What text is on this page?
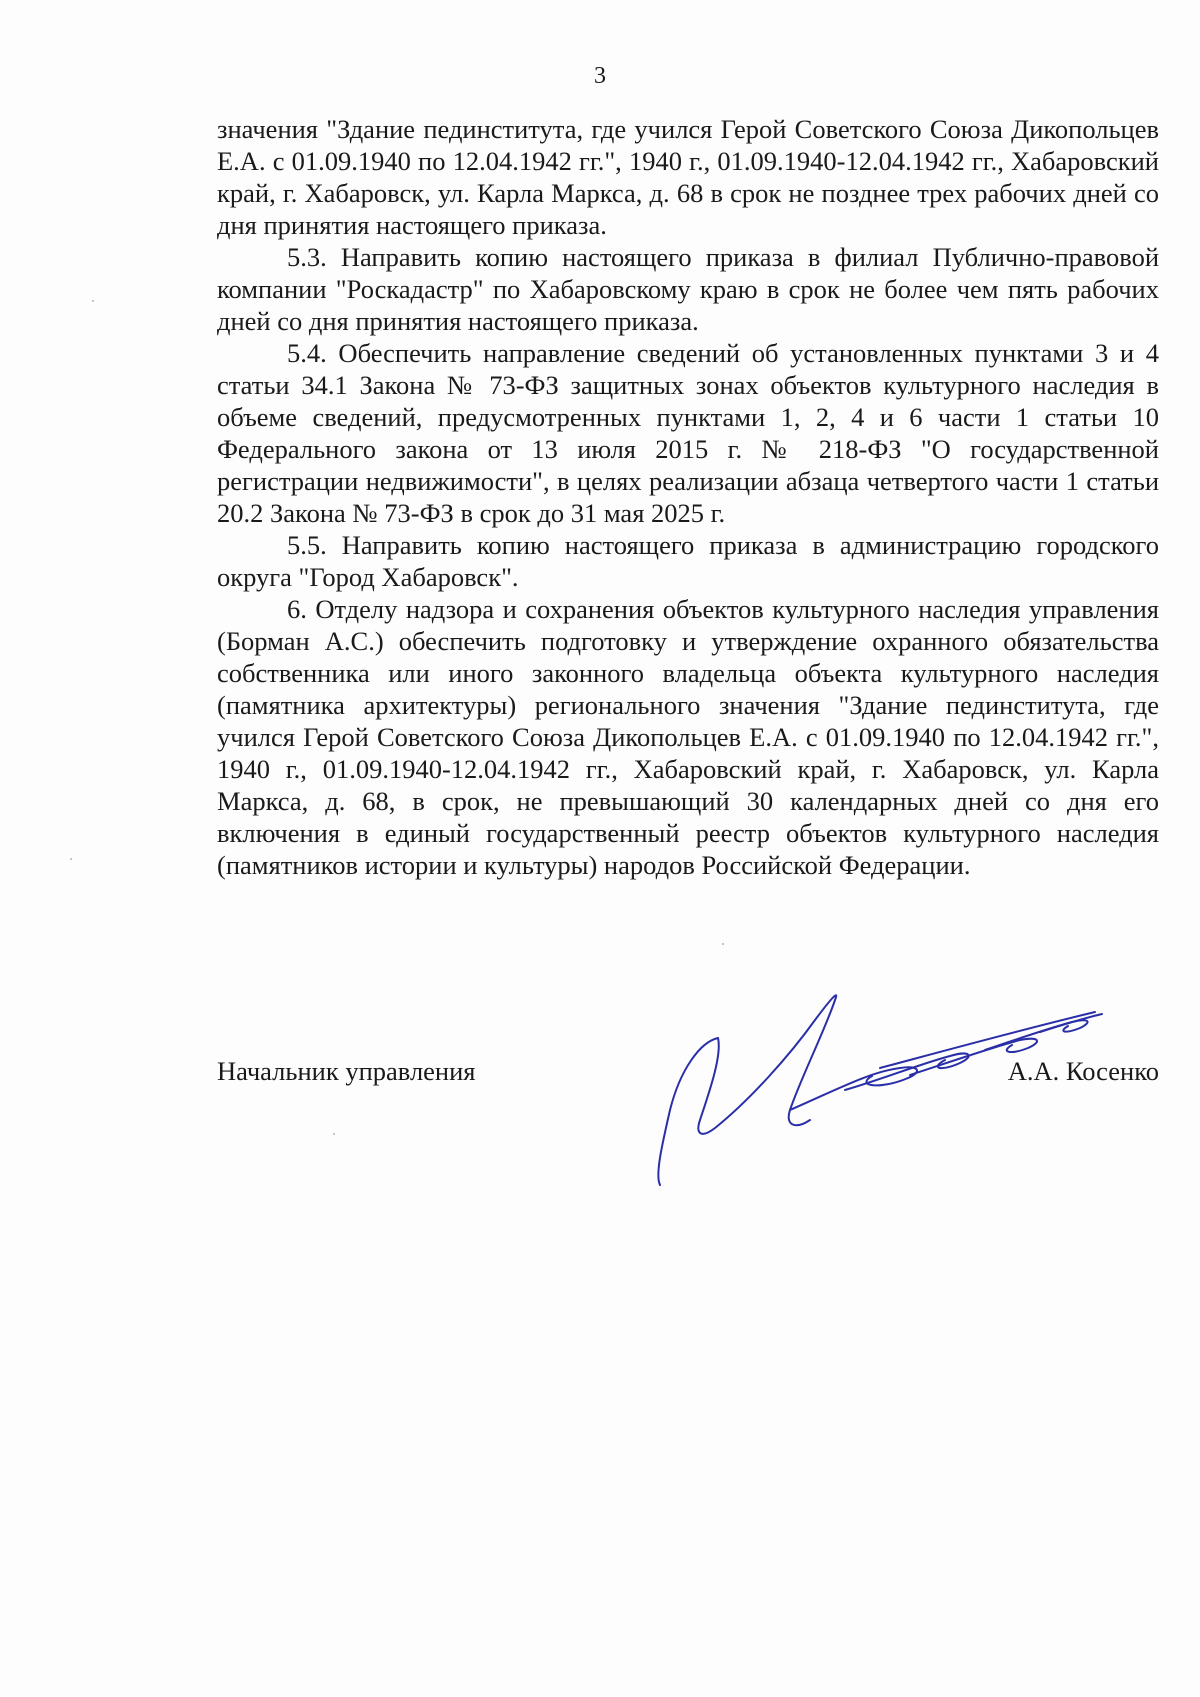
3

значения "Здание пединститута, где учился Герой Советского Союза Дикопольцев Е.А. с 01.09.1940 по 12.04.1942 гг.", 1940 г., 01.09.1940-12.04.1942 гг., Хабаровский край, г. Хабаровск, ул. Карла Маркса, д. 68 в срок не позднее трех рабочих дней со дня принятия настоящего приказа.

5.3. Направить копию настоящего приказа в филиал Публично-правовой компании "Роскадастр" по Хабаровскому краю в срок не более чем пять рабочих дней со дня принятия настоящего приказа.

5.4. Обеспечить направление сведений об установленных пунктами 3 и 4 статьи 34.1 Закона № 73-ФЗ защитных зонах объектов культурного наследия в объеме сведений, предусмотренных пунктами 1, 2, 4 и 6 части 1 статьи 10 Федерального закона от 13 июля 2015 г. № 218-ФЗ "О государственной регистрации недвижимости", в целях реализации абзаца четвертого части 1 статьи 20.2 Закона № 73-ФЗ в срок до 31 мая 2025 г.

5.5. Направить копию настоящего приказа в администрацию городского округа "Город Хабаровск".

6. Отделу надзора и сохранения объектов культурного наследия управления (Борман А.С.) обеспечить подготовку и утверждение охранного обязательства собственника или иного законного владельца объекта культурного наследия (памятника архитектуры) регионального значения "Здание пединститута, где учился Герой Советского Союза Дикопольцев Е.А. с 01.09.1940 по 12.04.1942 гг.", 1940 г., 01.09.1940-12.04.1942 гг., Хабаровский край, г. Хабаровск, ул. Карла Маркса, д. 68, в срок, не превышающий 30 календарных дней со дня его включения в единый государственный реестр объектов культурного наследия (памятников истории и культуры) народов Российской Федерации.

Начальник управления	А.А. Косенко
